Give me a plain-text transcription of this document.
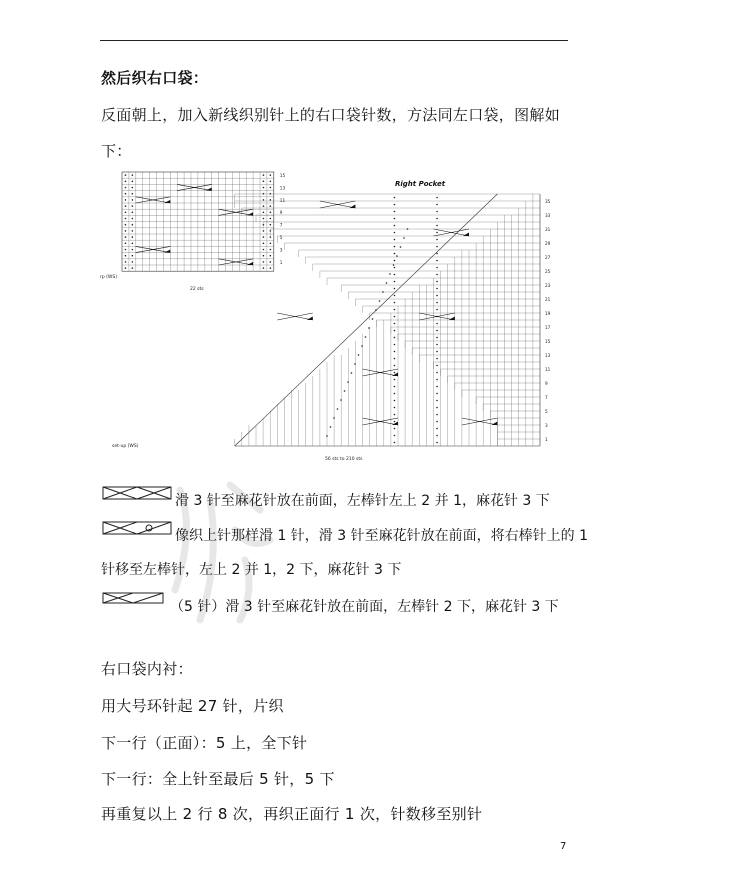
然后织右口袋：
反面朝上，加入新线织别针上的右口袋针数，方法同左口袋，图解如
下：
15
13
11
9
7
5
3
1
35
33
31
29
27
25
23
21
19
17
15
13
11
9
7
5
3
1
rp (WS)
22 sts
Right Pocket
set-up (WS)
56 sts to 210 sts
滑 3 针至麻花针放在前面，左棒针左上 2 并 1，麻花针 3 下
像织上针那样滑 1 针，滑 3 针至麻花针放在前面，将右棒针上的 1
针移至左棒针，左上 2 并 1，2 下，麻花针 3 下
（5 针）滑 3 针至麻花针放在前面，左棒针 2 下，麻花针 3 下
右口袋内衬：
用大号环针起 27 针，片织
下一行（正面）：5 上，全下针
下一行：全上针至最后 5 针，5 下
再重复以上 2 行 8 次，再织正面行 1 次，针数移至别针
7
